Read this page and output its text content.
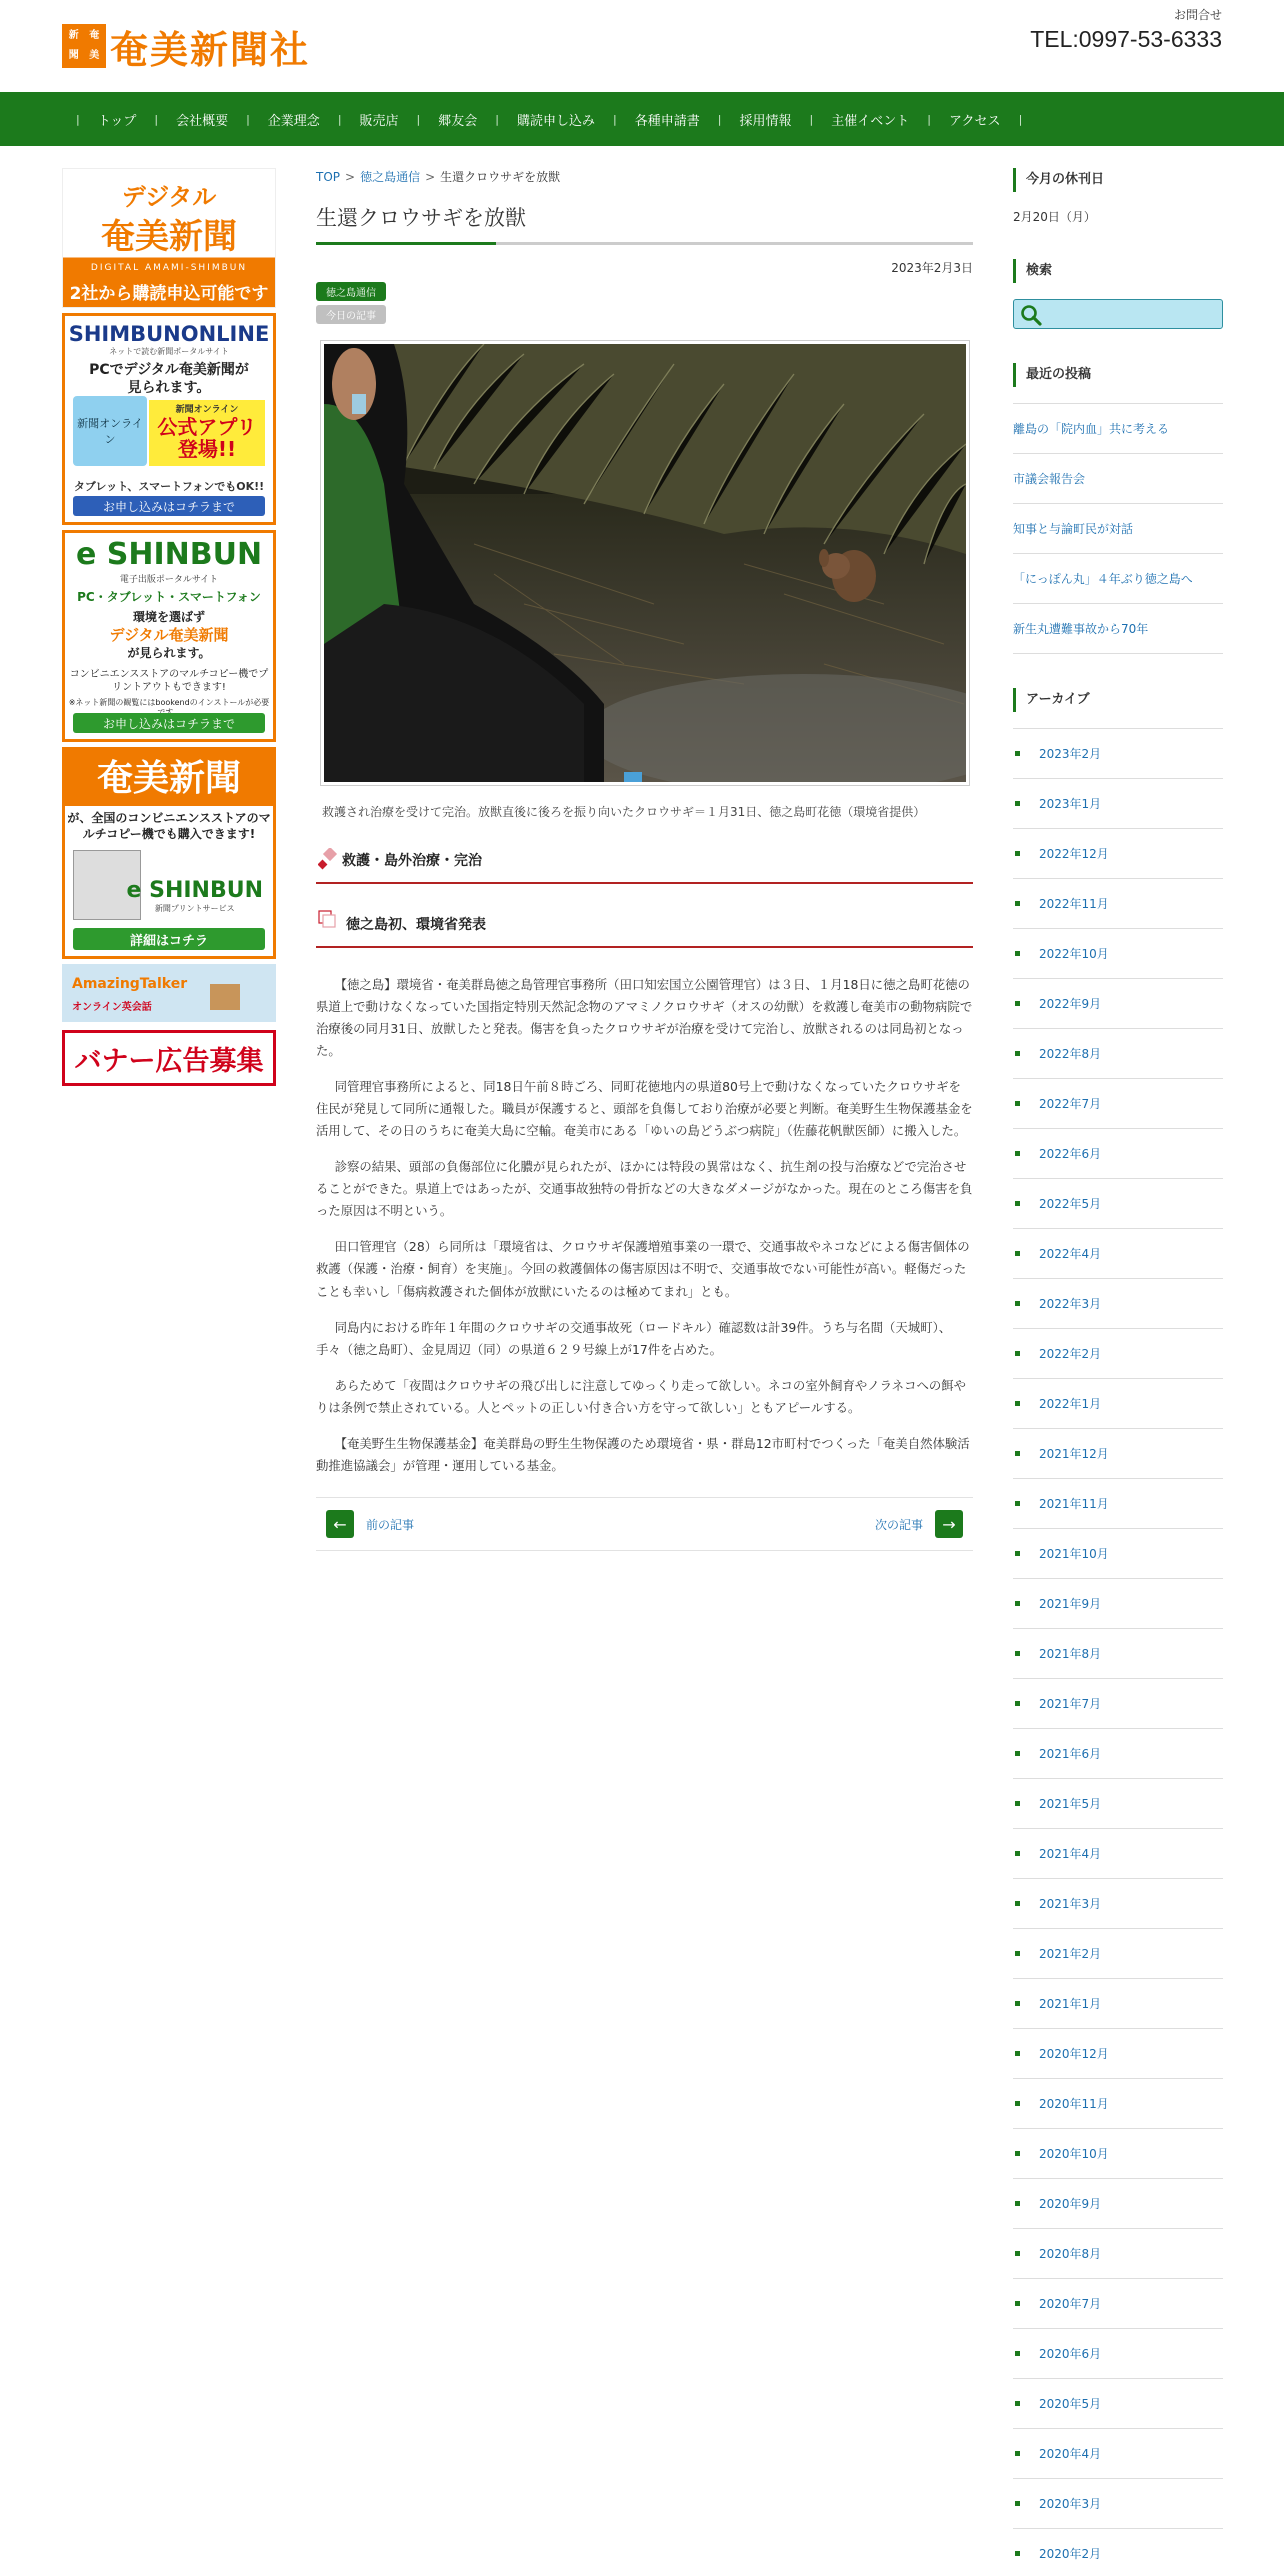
新	奄
聞	美 奄美新聞社
お問合せ
TEL:0997-53-6333
| トップ | 会社概要 | 企業理念 | 販売店 | 郷友会 | 購読申し込み | 各種申請書 | 採用情報 | 主催イベント | アクセス |
デジタル
奄美新聞
DIGITAL AMAMI-SHIMBUN
2社から購読申込可能です
SHIMBUNONLINE
ネットで読む新聞ポータルサイト
PCでデジタル奄美新聞が
見られます。
新聞オンライン
新聞オンライン
公式アプリ登場!!
タブレット、スマートフォンでもOK!!
お申し込みはコチラまで
e SHINBUN
電子出版ポータルサイト
PC・タブレット・スマートフォン
環境を選ばず
デジタル奄美新聞
が見られます。
コンビニエンスストアのマルチコピー機でプリントアウトもできます!
※ネット新聞の観覧にはbookendのインストールが必要
お申し込みはコチラまで
奄美新聞
が、全国のコンビニエンスストアのマルチコピー機でも購入できます!
e SHINBUN
新聞プリントサービス
詳細はコチラ
AmazingTalker
オンライン英会話
バナー広告募集
TOP > 徳之島通信 > 生還クロウサギを放獣
生還クロウサギを放獣
2023年2月3日
徳之島通信
今日の記事
救護され治療を受けて完治。放獣直後に後ろを振り向いたクロウサギ＝１月31日、徳之島町花徳（環境省提供）
救護・島外治療・完治
徳之島初、環境省発表

【徳之島】環境省・奄美群島徳之島管理官事務所（田口知宏国立公園管理官）は３日、１月18日に徳之島町花徳の県道上で動けなくなっていた国指定特別天然記念物のアマミノクロウサギ（オスの幼獣）を救護し奄美市の動物病院で治療後の同月31日、放獣したと発表。傷害を負ったクロウサギが治療を受けて完治し、放獣されるのは同島初となった。

同管理官事務所によると、同18日午前８時ごろ、同町花徳地内の県道80号上で動けなくなっていたクロウサギを住民が発見して同所に通報した。職員が保護すると、頭部を負傷しており治療が必要と判断。奄美野生生物保護基金を活用して、その日のうちに奄美大島に空輸。奄美市にある「ゆいの島どうぶつ病院」（佐藤花帆獣医師）に搬入した。

診察の結果、頭部の負傷部位に化膿が見られたが、ほかには特段の異常はなく、抗生剤の投与治療などで完治させることができた。県道上ではあったが、交通事故独特の骨折などの大きなダメージがなかった。現在のところ傷害を負った原因は不明という。

田口管理官（28）ら同所は「環境省は、クロウサギ保護増殖事業の一環で、交通事故やネコなどによる傷害個体の救護（保護・治療・飼育）を実施」。今回の救護個体の傷害原因は不明で、交通事故でない可能性が高い。軽傷だったことも幸いし「傷病救護された個体が放獣にいたるのは極めてまれ」とも。

同島内における昨年１年間のクロウサギの交通事故死（ロードキル）確認数は計39件。うち与名間（天城町）、手々（徳之島町）、金見周辺（同）の県道６２９号線上が17件を占めた。

あらためて「夜間はクロウサギの飛び出しに注意してゆっくり走って欲しい。ネコの室外飼育やノラネコへの餌やりは条例で禁止されている。人とペットの正しい付き合い方を守って欲しい」ともアピールする。

【奄美野生生物保護基金】奄美群島の野生生物保護のため環境省・県・群島12市町村でつくった「奄美自然体験活動推進協議会」が管理・運用している基金。

←	前の記事	次の記事	→
今月の休刊日
2月20日（月）
検索
最近の投稿
離島の「院内血」共に考える
市議会報告会
知事と与論町民が対話
「にっぽん丸」４年ぶり徳之島へ
新生丸遭難事故から70年
アーカイブ
2023年2月
2023年1月
2022年12月
2022年11月
2022年10月
2022年9月
2022年8月
2022年7月
2022年6月
2022年5月
2022年4月
2022年3月
2022年2月
2022年1月
2021年12月
2021年11月
2021年10月
2021年9月
2021年8月
2021年7月
2021年6月
2021年5月
2021年4月
2021年3月
2021年2月
2021年1月
2020年12月
2020年11月
2020年10月
2020年9月
2020年8月
2020年7月
2020年6月
2020年5月
2020年4月
2020年3月
2020年2月
